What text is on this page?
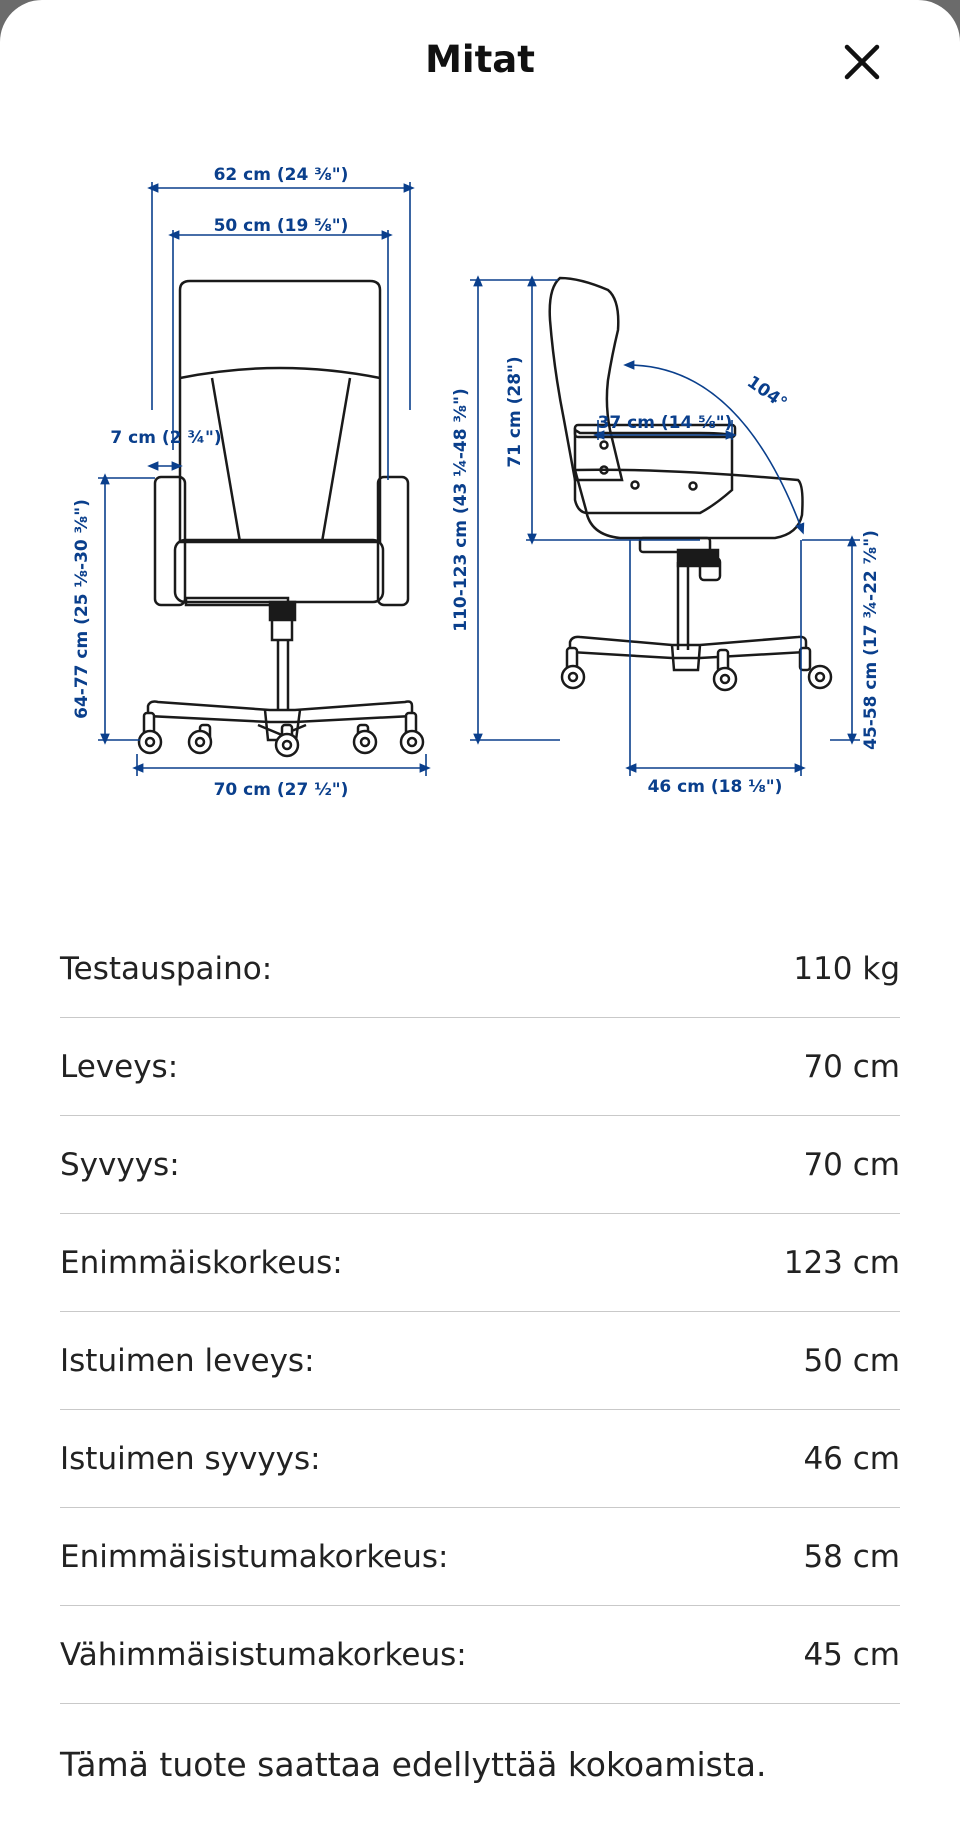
Mitat
62 cm (24 ⅜")
50 cm (19 ⅝")
7 cm (2 ¾")
64-77 cm (25 ⅛-30 ⅜")
70 cm (27 ½")
110-123 cm (43 ¼-48 ⅜") 71 cm (28")	37 cm (14 ⅝")
104°
45-58 cm (17 ¾-22 ⅞")
46 cm (18 ⅛")
Testauspaino:	110 kg
Leveys:	70 cm
Syvyys:	70 cm
Enimmäiskorkeus:	123 cm
Istuimen leveys:	50 cm
Istuimen syvyys:	46 cm
Enimmäisistumakorkeus:	58 cm
Vähimmäisistumakorkeus:	45 cm
Tämä tuote saattaa edellyttää kokoamista.
